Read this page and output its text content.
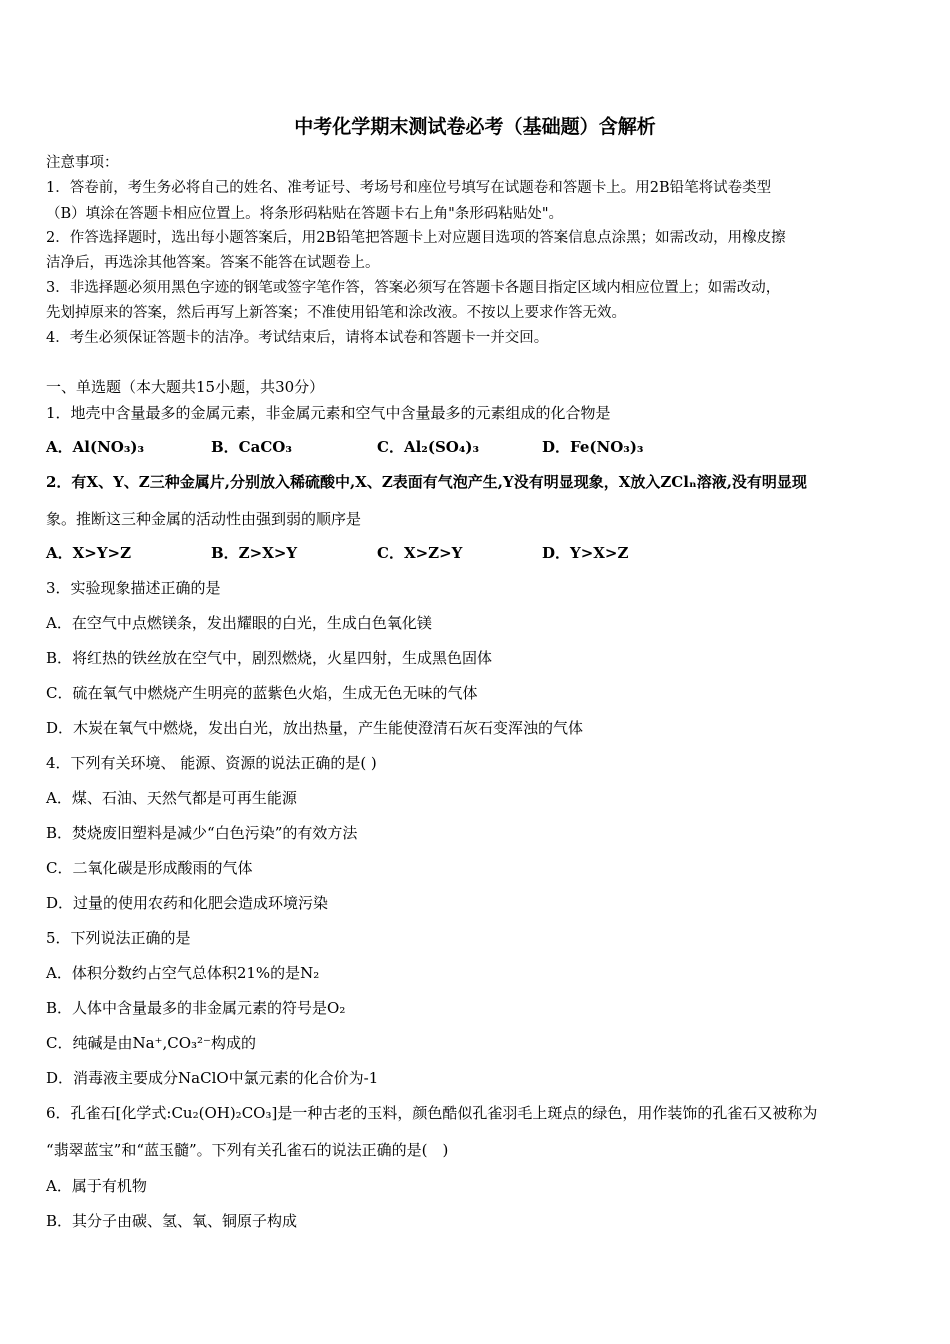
中考化学期末测试卷必考（基础题）含解析
注意事项：
1．答卷前，考生务必将自己的姓名、准考证号、考场号和座位号填写在试题卷和答题卡上。用2B铅笔将试卷类型
（B）填涂在答题卡相应位置上。将条形码粘贴在答题卡右上角"条形码粘贴处"。
2．作答选择题时，选出每小题答案后，用2B铅笔把答题卡上对应题目选项的答案信息点涂黑；如需改动，用橡皮擦
洁净后，再选涂其他答案。答案不能答在试题卷上。
3．非选择题必须用黑色字迹的钢笔或签字笔作答，答案必须写在答题卡各题目指定区域内相应位置上；如需改动，
先划掉原来的答案，然后再写上新答案；不准使用铅笔和涂改液。不按以上要求作答无效。
4．考生必须保证答题卡的洁净。考试结束后，请将本试卷和答题卡一并交回。
一、单选题（本大题共15小题，共30分）
1．地壳中含量最多的金属元素，非金属元素和空气中含量最多的元素组成的化合物是
A．Al(NO₃)₃	B．CaCO₃	C．Al₂(SO₄)₃	D．Fe(NO₃)₃
2．有X、Y、Z三种金属片,分别放入稀硫酸中,X、Z表面有气泡产生,Y没有明显现象，X放入ZClₙ溶液,没有明显现
象。推断这三种金属的活动性由强到弱的顺序是
A．X>Y>Z	B．Z>X>Y	C．X>Z>Y	D．Y>X>Z
3．实验现象描述正确的是
A．在空气中点燃镁条，发出耀眼的白光，生成白色氧化镁
B．将红热的铁丝放在空气中，剧烈燃烧，火星四射，生成黑色固体
C．硫在氧气中燃烧产生明亮的蓝紫色火焰，生成无色无味的气体
D．木炭在氧气中燃烧，发出白光，放出热量，产生能使澄清石灰石变浑浊的气体
4．下列有关环境、 能源、资源的说法正确的是( )
A．煤、石油、天然气都是可再生能源
B．焚烧废旧塑料是减少“白色污染”的有效方法
C．二氧化碳是形成酸雨的气体
D．过量的使用农药和化肥会造成环境污染
5．下列说法正确的是
A．体积分数约占空气总体积21%的是N₂
B．人体中含量最多的非金属元素的符号是O₂
C．纯碱是由Na⁺,CO₃²⁻构成的
D．消毒液主要成分NaClO中氯元素的化合价为-1
6．孔雀石[化学式:Cu₂(OH)₂CO₃]是一种古老的玉料，颜色酷似孔雀羽毛上斑点的绿色，用作装饰的孔雀石又被称为
“翡翠蓝宝”和“蓝玉髓”。下列有关孔雀石的说法正确的是(　)
A．属于有机物
B．其分子由碳、氢、氧、铜原子构成
